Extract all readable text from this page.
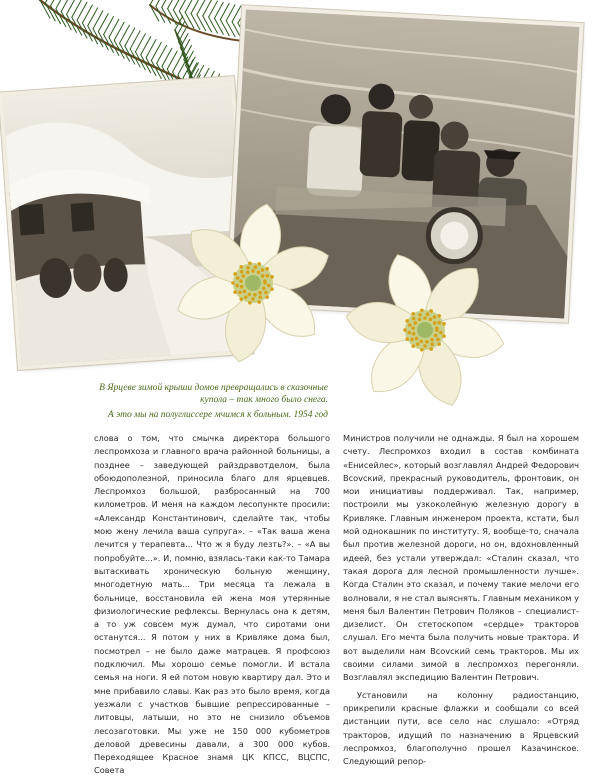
В Ярцеве зимой крыши домов превращались в сказочные купола – так много было снега.

А это мы на полуглиссере мчимся к больным. 1954 год

слова о том, что смычка директора большого леспромхоза и главного врача районной больницы, а позднее – заведующей райздравотделом, была обоюдополезной, приносила благо для ярцевцев. Леспромхоз большой, разбросанный на 700 километров. И меня на каждом лесопункте просили: «Александр Константинович, сделайте так, чтобы мою жену лечила ваша супруга». – «Так ваша жена лечится у терапевта... Что ж я буду лезть?». – «А вы попробуйте...». И, помню, взялась-таки как-то Тамара вытаскивать хроническую больную женщину, многодетную мать... Три месяца та лежала в больнице, восстановила ей жена моя утерянные физиологические рефлексы. Вернулась она к детям, а то уж совсем муж думал, что сиротами они останутся... Я потом у них в Кривляке дома был, посмотрел – не было даже матрацев. Я профсоюз подключил. Мы хорошо семье помогли. И встала семья на ноги. Я ей потом новую квартиру дал. Это и мне прибавило славы. Как раз это было время, когда уезжали с участков бывшие репрессированные – литовцы, латыши, но это не снизило объемов лесозаготовки. Мы уже не 150 000 кубометров деловой древесины давали, а 300 000 кубов. Переходящее Красное знамя ЦК КПСС, ВЦСПС, Совета

Министров получили не однажды. Я был на хорошем счету. Леспромхоз входил в состав комбината «Енисейлес», который возглавлял Андрей Федорович Вcovский, прекрасный руководитель, фронтовик, он мои инициативы поддерживал. Так, например, построили мы узкоколейную железную дорогу в Кривляке. Главным инженером проекта, кстати, был мой однокашник по институту. Я, вообще-то, сначала был против железной дороги, но он, вдохновленный идеей, без устали утверждал: «Сталин сказал, что такая дорога для лесной промышленности лучше». Когда Сталин это сказал, и почему такие мелочи его волновали, я не стал выяснять. Главным механиком у меня был Валентин Петрович Поляков – специалист-дизелист. Он стетоскопом «сердце» тракторов слушал. Его мечта была получить новые трактора. И вот выделили нам Вcovский семь тракторов. Мы их своими силами зимой в леспромхоз перегоняли. Возглавлял экспедицию Валентин Петрович.

Установили на колонну радиостанцию, прикрепили красные флажки и сообщали со всей дистанции пути, все село нас слушало: «Отряд тракторов, идущий по назначению в Ярцевский леспромхоз, благополучно прошел Казачинское. Следующий репор-
